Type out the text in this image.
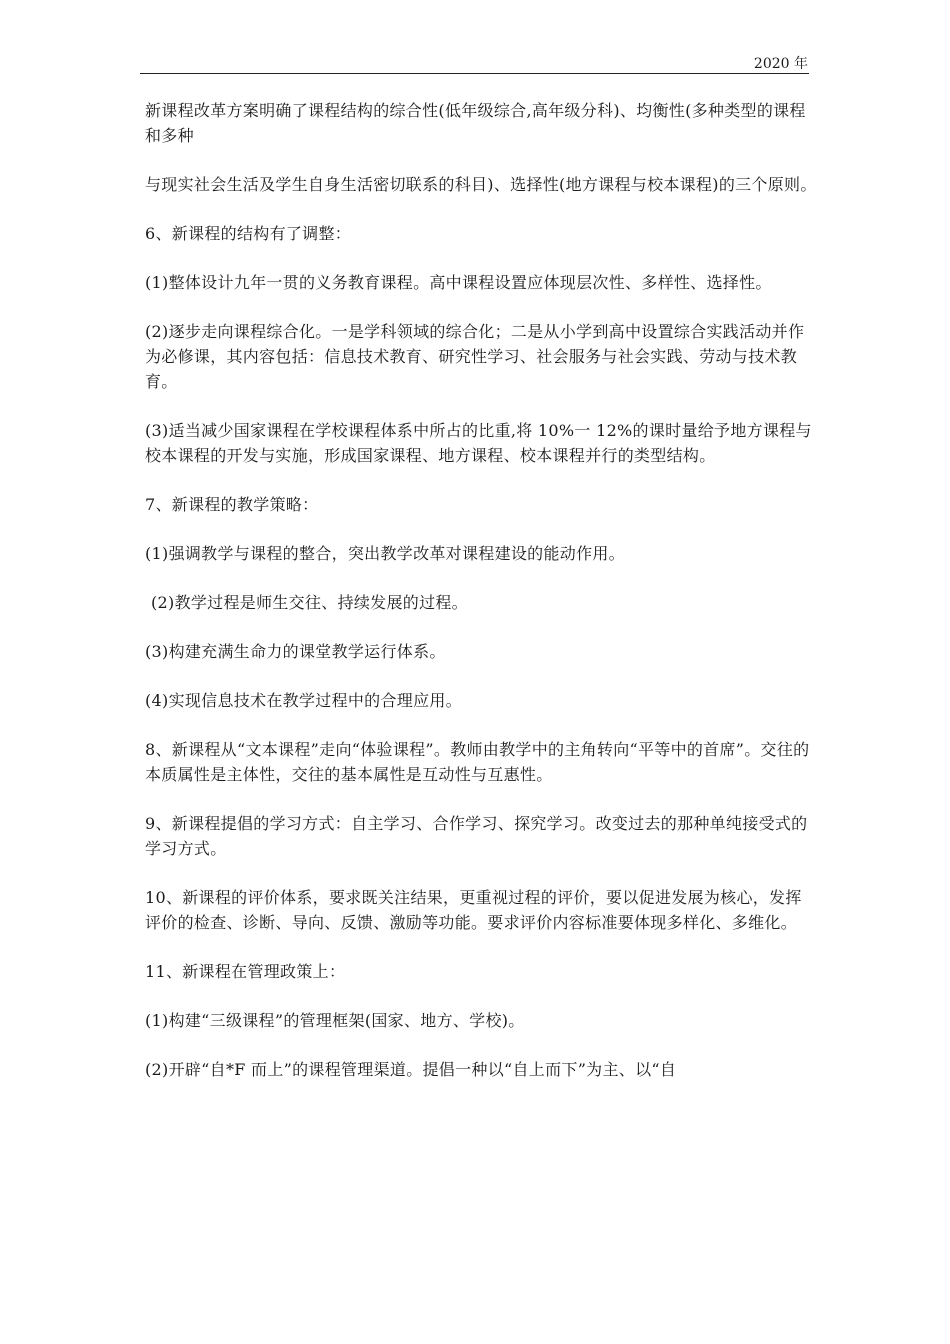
2020 年

新课程改革方案明确了课程结构的综合性(低年级综合,高年级分科)、均衡性(多种类型的课程和多种

与现实社会生活及学生自身生活密切联系的科目)、选择性(地方课程与校本课程)的三个原则。

6、新课程的结构有了调整：

(1)整体设计九年一贯的义务教育课程。高中课程设置应体现层次性、多样性、选择性。

(2)逐步走向课程综合化。一是学科领域的综合化；二是从小学到高中设置综合实践活动并作为必修课，其内容包括：信息技术教育、研究性学习、社会服务与社会实践、劳动与技术教育。

(3)适当减少国家课程在学校课程体系中所占的比重,将 10%一 12%的课时量给予地方课程与校本课程的开发与实施，形成国家课程、地方课程、校本课程并行的类型结构。

7、新课程的教学策略：

(1)强调教学与课程的整合，突出教学改革对课程建设的能动作用。

(2)教学过程是师生交往、持续发展的过程。

(3)构建充满生命力的课堂教学运行体系。

(4)实现信息技术在教学过程中的合理应用。

8、新课程从“文本课程”走向“体验课程”。教师由教学中的主角转向“平等中的首席”。交往的本质属性是主体性，交往的基本属性是互动性与互惠性。

9、新课程提倡的学习方式：自主学习、合作学习、探究学习。改变过去的那种单纯接受式的学习方式。

10、新课程的评价体系，要求既关注结果，更重视过程的评价，要以促进发展为核心，发挥评价的检查、诊断、导向、反馈、激励等功能。要求评价内容标准要体现多样化、多维化。

11、新课程在管理政策上：

(1)构建“三级课程”的管理框架(国家、地方、学校)。

(2)开辟“自*F 而上”的课程管理渠道。提倡一种以“自上而下”为主、以“自
